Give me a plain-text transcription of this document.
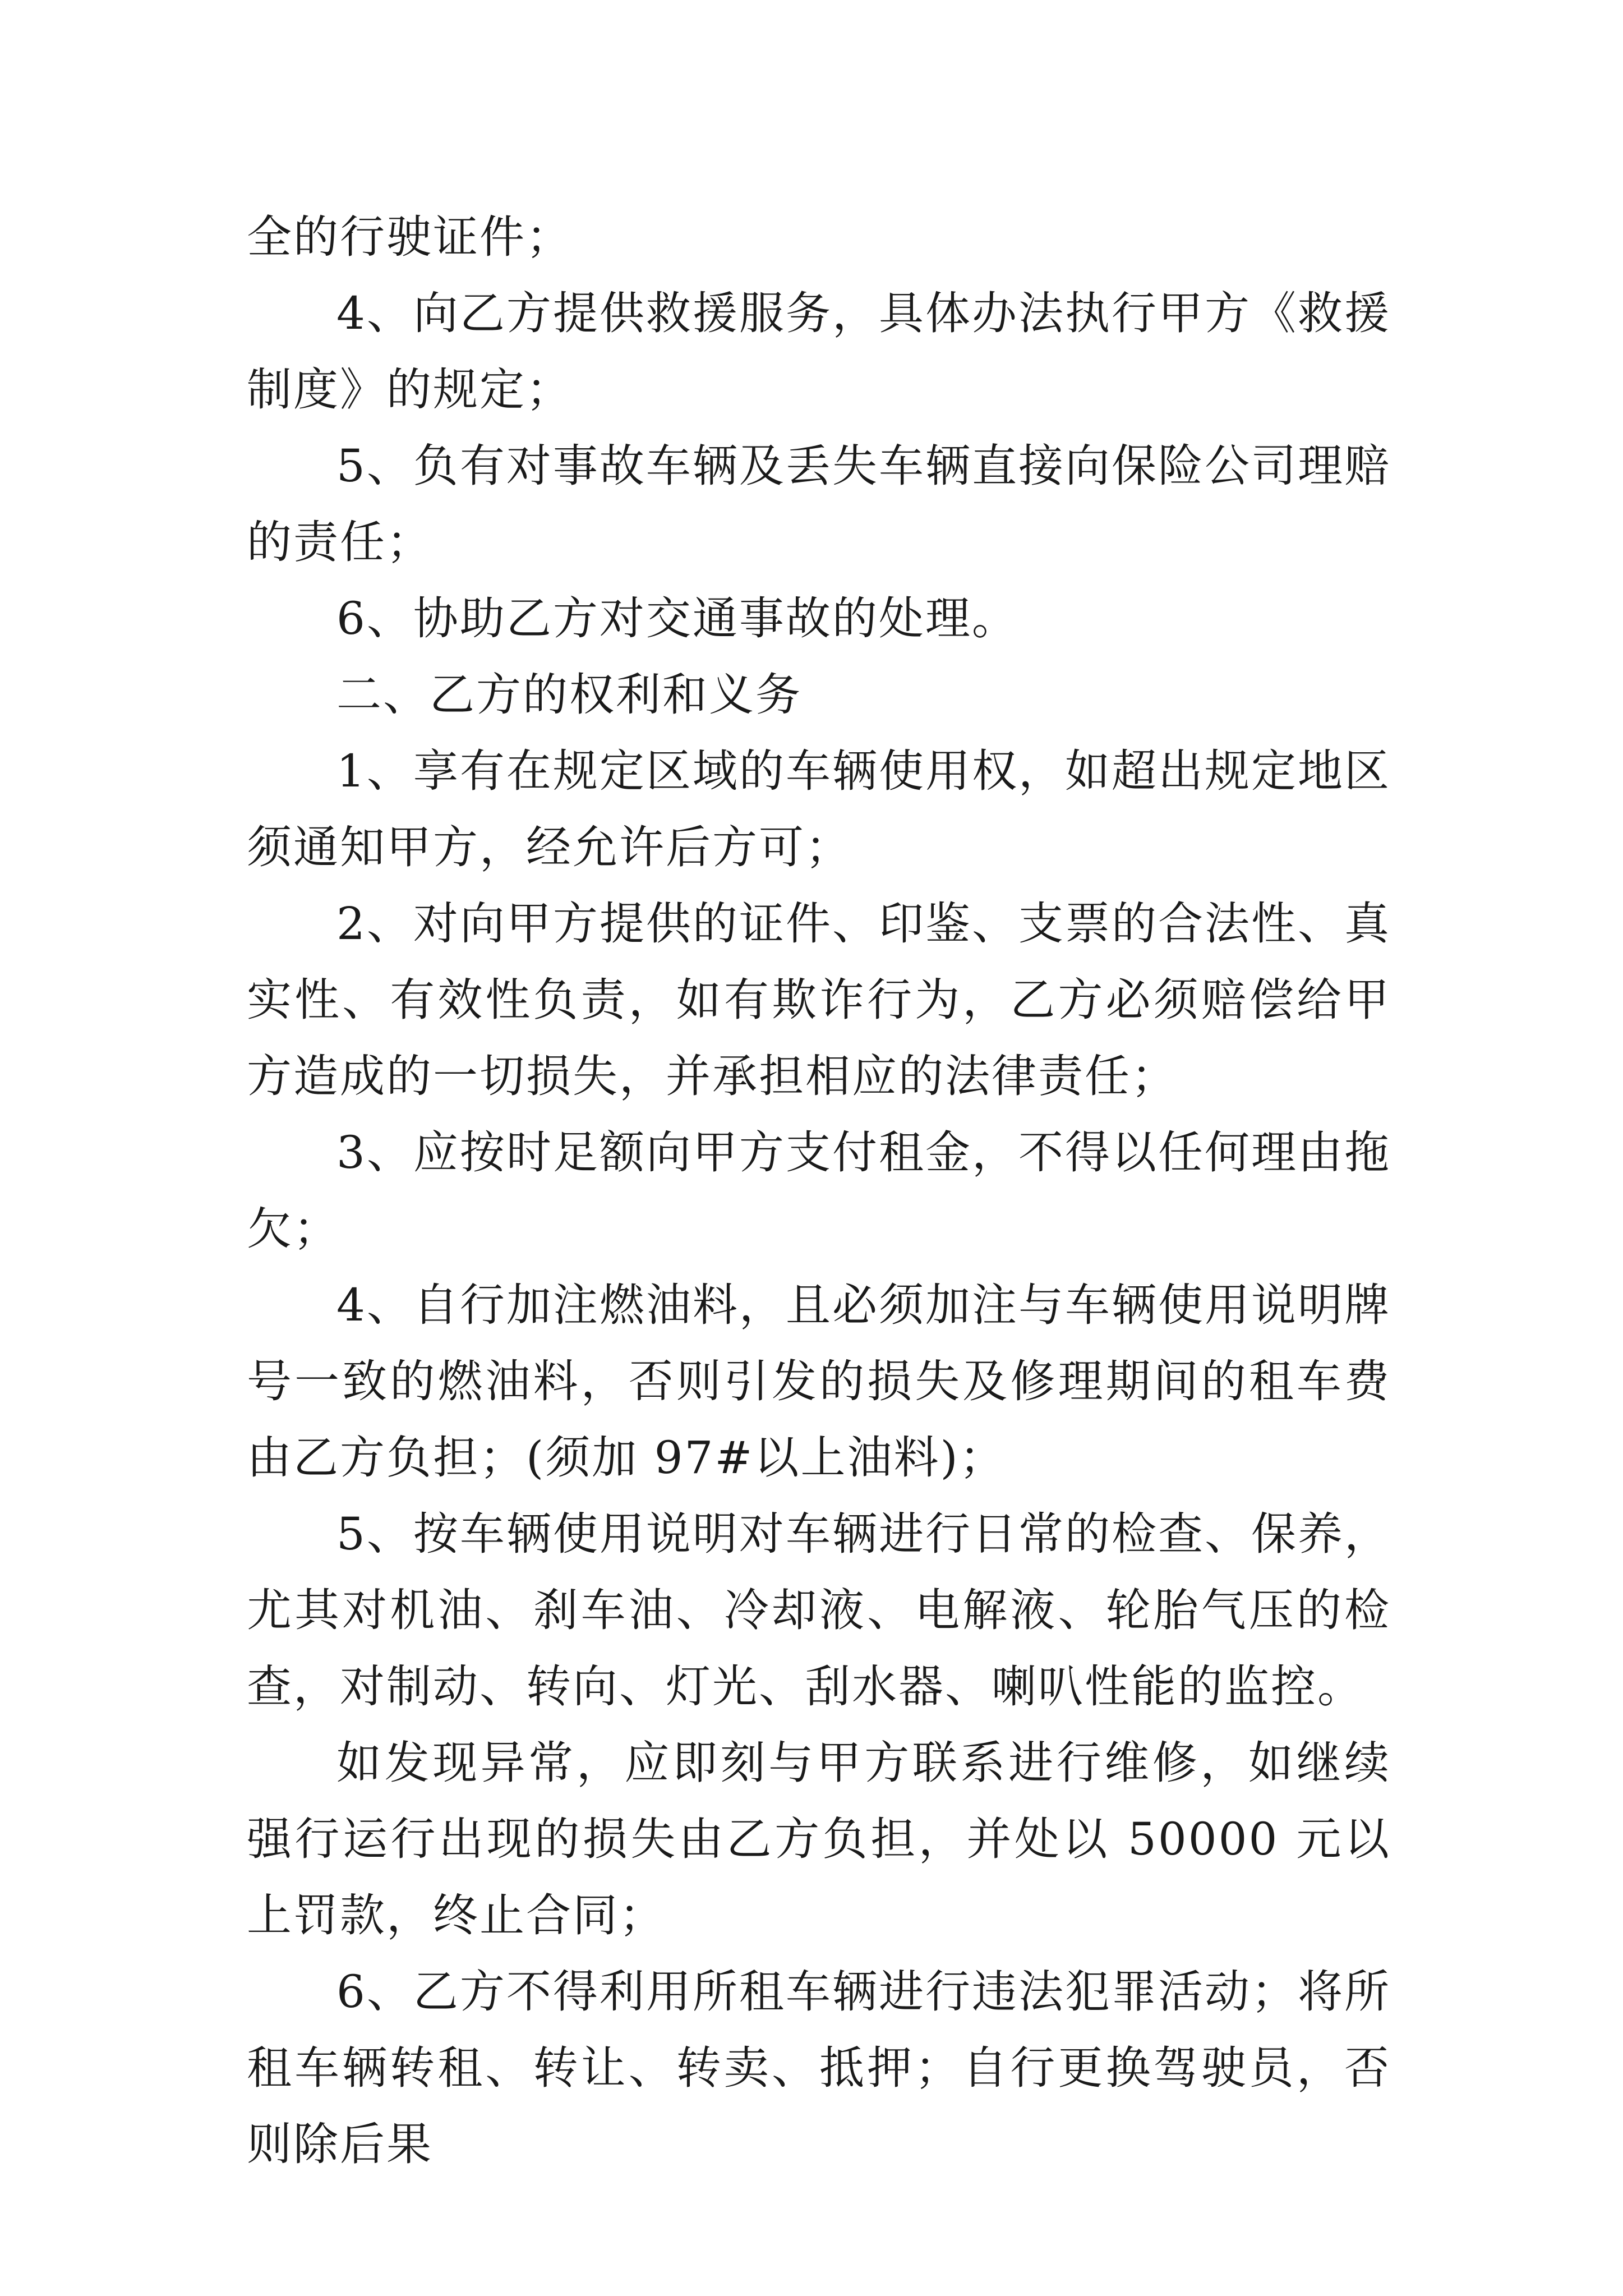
全的行驶证件；

4、向乙方提供救援服务，具体办法执行甲方《救援制度》的规定；

5、负有对事故车辆及丢失车辆直接向保险公司理赔的责任；

6、协助乙方对交通事故的处理。

二、乙方的权利和义务

1、享有在规定区域的车辆使用权，如超出规定地区须通知甲方，经允许后方可；

2、对向甲方提供的证件、印鉴、支票的合法性、真实性、有效性负责，如有欺诈行为，乙方必须赔偿给甲方造成的一切损失，并承担相应的法律责任；

3、应按时足额向甲方支付租金，不得以任何理由拖欠；

4、自行加注燃油料，且必须加注与车辆使用说明牌号一致的燃油料，否则引发的损失及修理期间的租车费由乙方负担；(须加 97#以上油料)；

5、按车辆使用说明对车辆进行日常的检查、保养，尤其对机油、刹车油、冷却液、电解液、轮胎气压的检查，对制动、转向、灯光、刮水器、喇叭性能的监控。

如发现异常，应即刻与甲方联系进行维修，如继续强行运行出现的损失由乙方负担，并处以 50000 元以上罚款，终止合同；

6、乙方不得利用所租车辆进行违法犯罪活动；将所租车辆转租、转让、转卖、抵押；自行更换驾驶员，否则除后果
